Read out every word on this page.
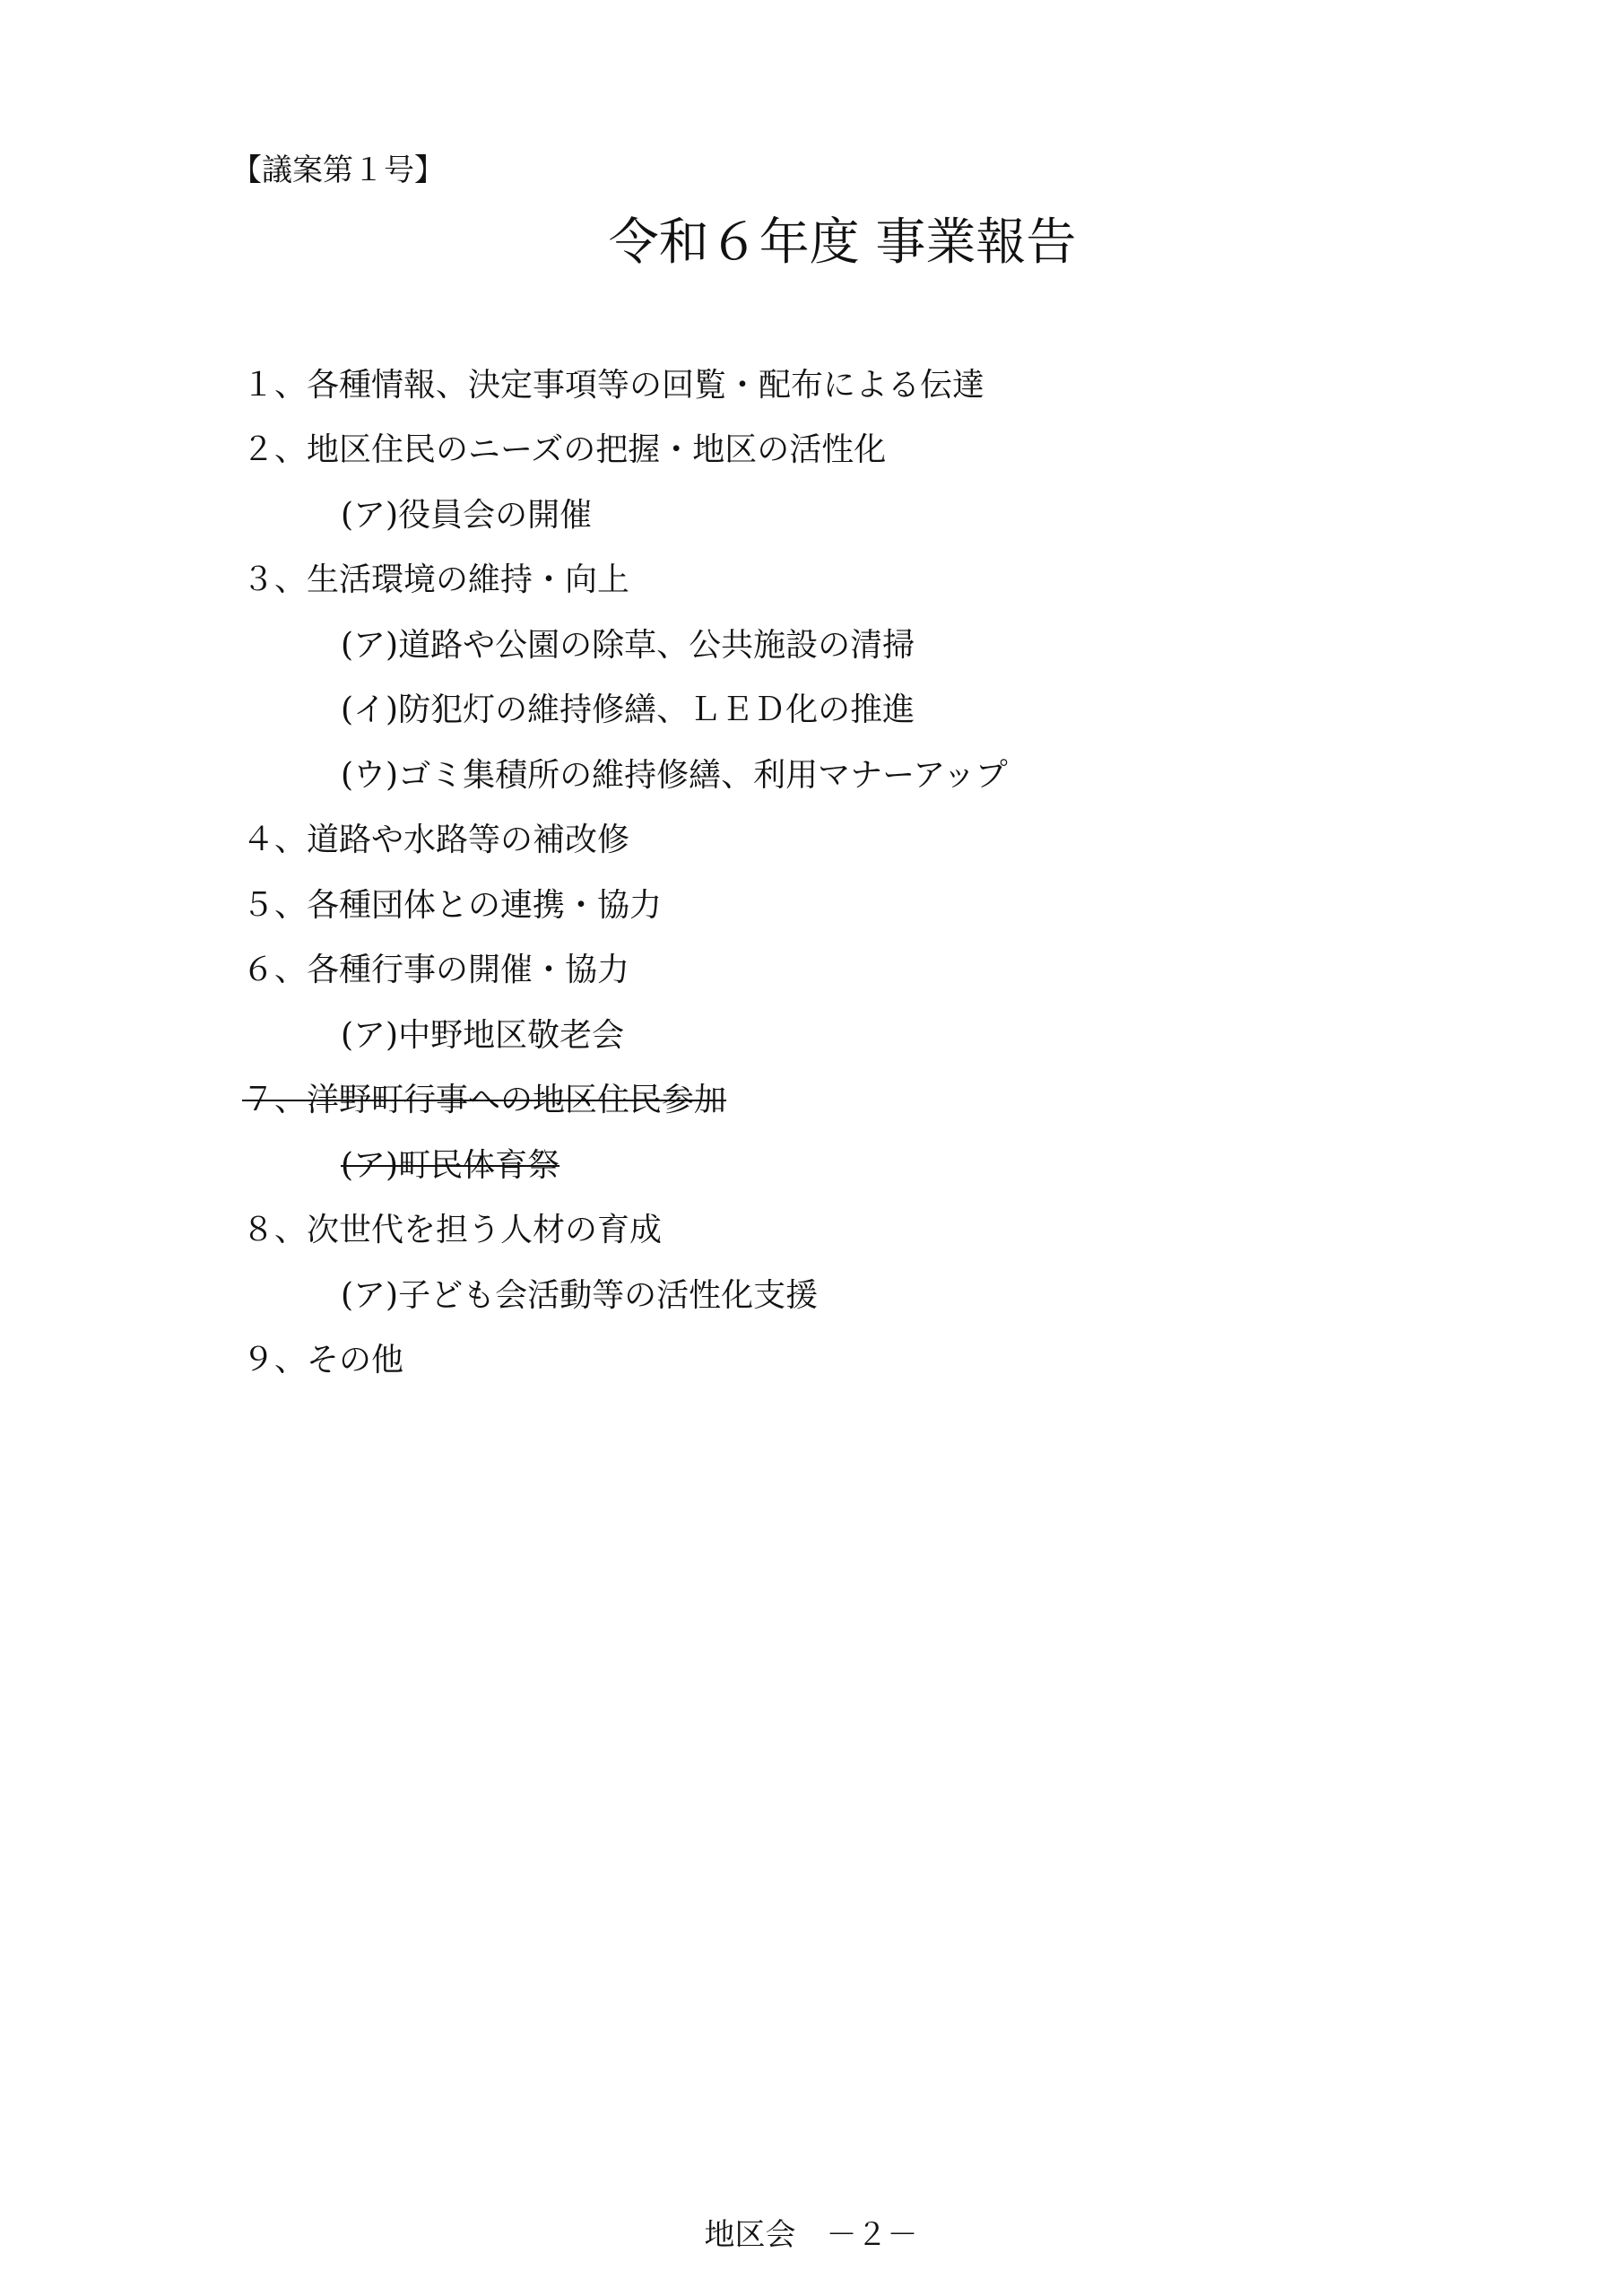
【議案第１号】
令和６年度 事業報告
１、各種情報、決定事項等の回覧・配布による伝達
２、地区住民のニーズの把握・地区の活性化
(ア)役員会の開催
３、生活環境の維持・向上
(ア)道路や公園の除草、公共施設の清掃
(イ)防犯灯の維持修繕、ＬＥＤ化の推進
(ウ)ゴミ集積所の維持修繕、利用マナーアップ
４、道路や水路等の補改修
５、各種団体との連携・協力
６、各種行事の開催・協力
(ア)中野地区敬老会
７、洋野町行事への地区住民参加
(ア)町民体育祭
８、次世代を担う人材の育成
(ア)子ども会活動等の活性化支援
９、その他
地区会　－２－
